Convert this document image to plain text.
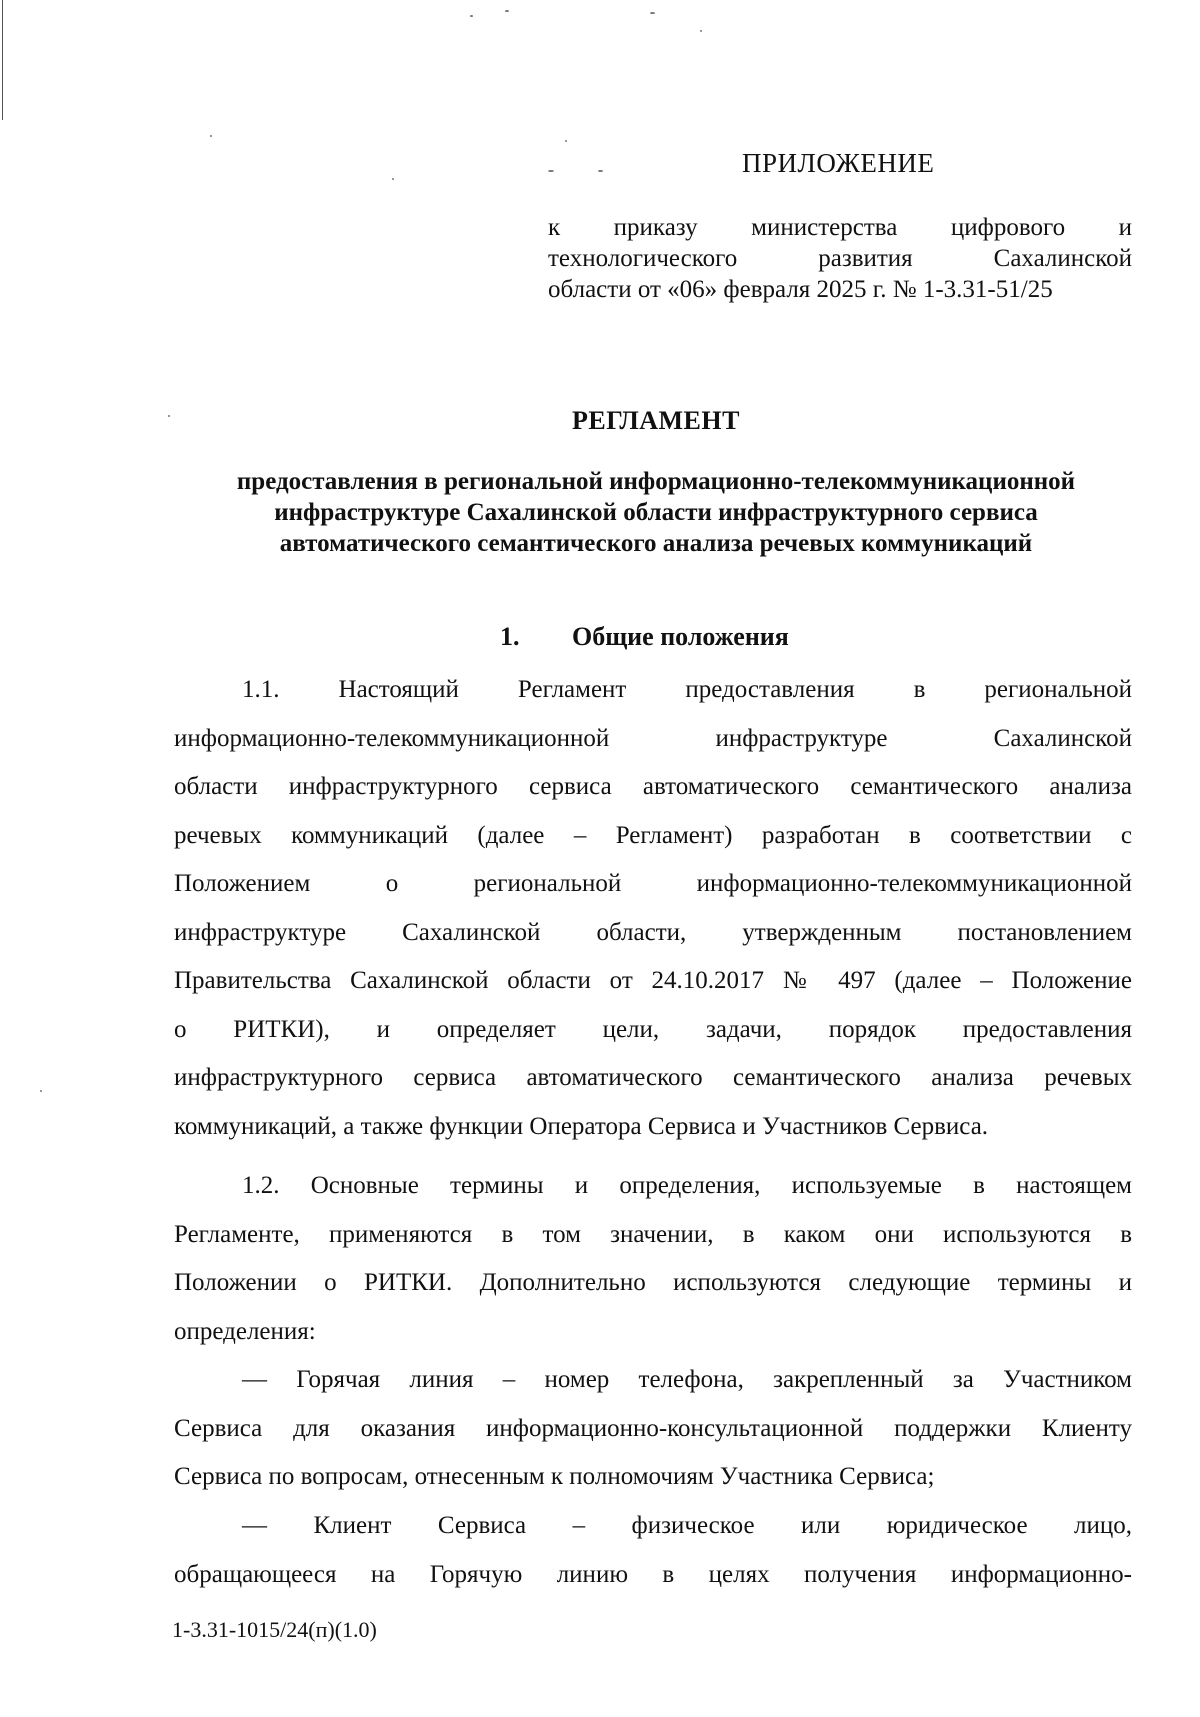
ПРИЛОЖЕНИЕ
к приказу министерства цифрового и
технологического развития Сахалинской
области от «06» февраля 2025 г. № 1-3.31-51/25
РЕГЛАМЕНТ
предоставления в региональной информационно-телекоммуникационной
инфраструктуре Сахалинской области инфраструктурного сервиса
автоматического семантического анализа речевых коммуникаций
1. Общие положения
1.1. Настоящий Регламент предоставления в региональной
информационно-телекоммуникационной инфраструктуре Сахалинской
области инфраструктурного сервиса автоматического семантического анализа
речевых коммуникаций (далее – Регламент) разработан в соответствии с
Положением о региональной информационно-телекоммуникационной
инфраструктуре Сахалинской области, утвержденным постановлением
Правительства Сахалинской области от 24.10.2017 № 497 (далее – Положение
о РИТКИ), и определяет цели, задачи, порядок предоставления
инфраструктурного сервиса автоматического семантического анализа речевых
коммуникаций, а также функции Оператора Сервиса и Участников Сервиса.
1.2. Основные термины и определения, используемые в настоящем
Регламенте, применяются в том значении, в каком они используются в
Положении о РИТКИ. Дополнительно используются следующие термины и
определения:
— Горячая линия – номер телефона, закрепленный за Участником
Сервиса для оказания информационно-консультационной поддержки Клиенту
Сервиса по вопросам, отнесенным к полномочиям Участника Сервиса;
— Клиент Сервиса – физическое или юридическое лицо,
обращающееся на Горячую линию в целях получения информационно-
1-3.31-1015/24(п)(1.0)
